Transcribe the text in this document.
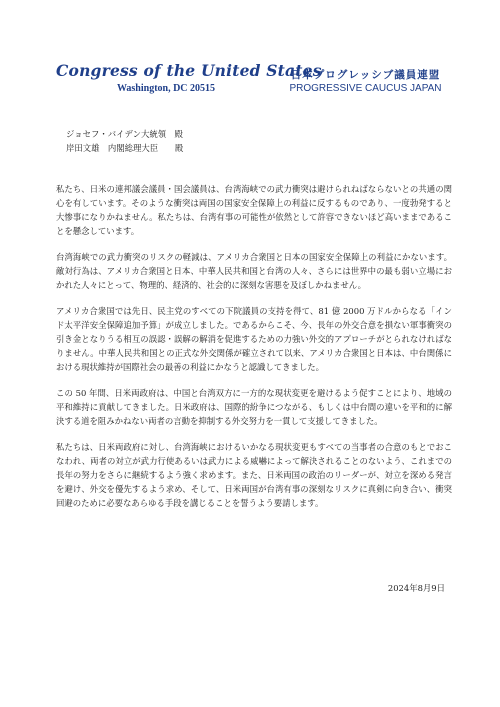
Congress of the United States
Washington, DC 20515
日本プログレッシブ議員連盟
PROGRESSIVE CAUCUS JAPAN
ジョセフ・バイデン大統領　殿
岸田文雄　内閣総理大臣　　殿

私たち、日米の連邦議会議員・国会議員は、台湾海峡での武力衝突は避けられねばならないとの共通の関心を有しています。そのような衝突は両国の国家安全保障上の利益に反するものであり、一度勃発すると大惨事になりかねません。私たちは、台湾有事の可能性が依然として許容できないほど高いままであることを懸念しています。

台湾海峡での武力衝突のリスクの軽減は、アメリカ合衆国と日本の国家安全保障上の利益にかないます。敵対行為は、アメリカ合衆国と日本、中華人民共和国と台湾の人々、さらには世界中の最も弱い立場におかれた人々にとって、物理的、経済的、社会的に深刻な害悪を及ぼしかねません。

アメリカ合衆国では先日、民主党のすべての下院議員の支持を得て、81 億 2000 万ドルからなる「インド太平洋安全保障追加予算」が成立しました。であるからこそ、今、長年の外交合意を損ない軍事衝突の引き金となりうる相互の誤認・誤解の解消を促進するための力強い外交的アプローチがとられなければなりません。中華人民共和国との正式な外交関係が確立されて以来、アメリカ合衆国と日本は、中台関係における現状維持が国際社会の最善の利益にかなうと認識してきました。

この 50 年間、日米両政府は、中国と台湾双方に一方的な現状変更を避けるよう促すことにより、地域の平和維持に貢献してきました。日米政府は、国際的紛争につながる、もしくは中台間の違いを平和的に解決する道を阻みかねない両者の言動を抑制する外交努力を一貫して支援してきました。

私たちは、日米両政府に対し、台湾海峡におけるいかなる現状変更もすべての当事者の合意のもとでおこなわれ、両者の対立が武力行使あるいは武力による威嚇によって解決されることのないよう、これまでの長年の努力をさらに継続するよう強く求めます。また、日米両国の政治のリーダーが、対立を深める発言を避け、外交を優先するよう求め、そして、日米両国が台湾有事の深刻なリスクに真剣に向き合い、衝突回避のために必要なあらゆる手段を講じることを誓うよう要請します。

2024年8月9日
